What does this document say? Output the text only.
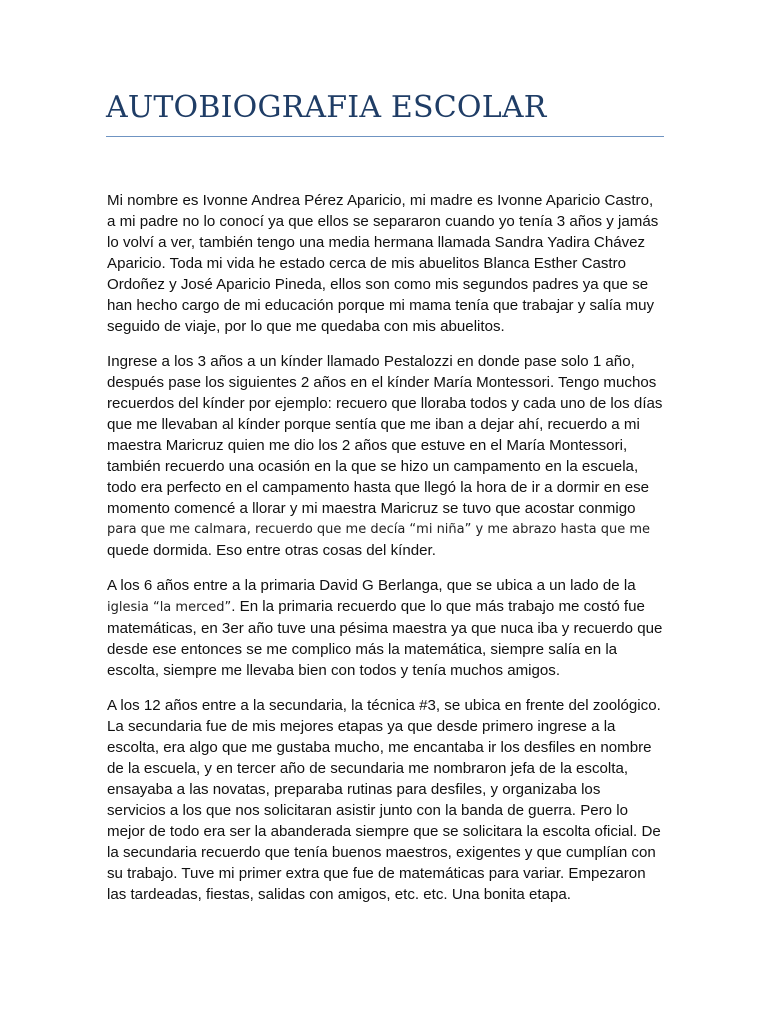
AUTOBIOGRAFIA ESCOLAR

Mi nombre es Ivonne Andrea Pérez Aparicio, mi madre es Ivonne Aparicio Castro,
a mi padre no lo conocí ya que ellos se separaron cuando yo tenía 3 años y jamás
lo volví a ver, también tengo una media hermana llamada Sandra Yadira Chávez
Aparicio. Toda mi vida he estado cerca de mis abuelitos Blanca Esther Castro
Ordoñez y José Aparicio Pineda, ellos son como mis segundos padres ya que se
han hecho cargo de mi educación porque mi mama tenía que trabajar y salía muy
seguido de viaje, por lo que me quedaba con mis abuelitos.

Ingrese a los 3 años a un kínder llamado Pestalozzi en donde pase solo 1 año,
después pase los siguientes 2 años en el kínder María Montessori. Tengo muchos
recuerdos del kínder por ejemplo: recuero que lloraba todos y cada uno de los días
que me llevaban al kínder porque sentía que me iban a dejar ahí, recuerdo a mi
maestra Maricruz quien me dio los 2 años que estuve en el María Montessori,
también recuerdo una ocasión en la que se hizo un campamento en la escuela,
todo era perfecto en el campamento hasta que llegó la hora de ir a dormir en ese
momento comencé a llorar y mi maestra Maricruz se tuvo que acostar conmigo
para que me calmara, recuerdo que me decía “mi niña” y me abrazo hasta que me
quede dormida. Eso entre otras cosas del kínder.

A los 6 años entre a la primaria David G Berlanga, que se ubica a un lado de la
iglesia “la merced”. En la primaria recuerdo que lo que más trabajo me costó fue
matemáticas, en 3er año tuve una pésima maestra ya que nuca iba y recuerdo que
desde ese entonces se me complico más la matemática, siempre salía en la
escolta, siempre me llevaba bien con todos y tenía muchos amigos.

A los 12 años entre a la secundaria, la técnica #3, se ubica en frente del zoológico.
La secundaria fue de mis mejores etapas ya que desde primero ingrese a la
escolta, era algo que me gustaba mucho, me encantaba ir los desfiles en nombre
de la escuela, y en tercer año de secundaria me nombraron jefa de la escolta,
ensayaba a las novatas, preparaba rutinas para desfiles, y organizaba los
servicios a los que nos solicitaran asistir junto con la banda de guerra. Pero lo
mejor de todo era ser la abanderada siempre que se solicitara la escolta oficial. De
la secundaria recuerdo que tenía buenos maestros, exigentes y que cumplían con
su trabajo. Tuve mi primer extra que fue de matemáticas para variar. Empezaron
las tardeadas, fiestas, salidas con amigos, etc. etc. Una bonita etapa.
